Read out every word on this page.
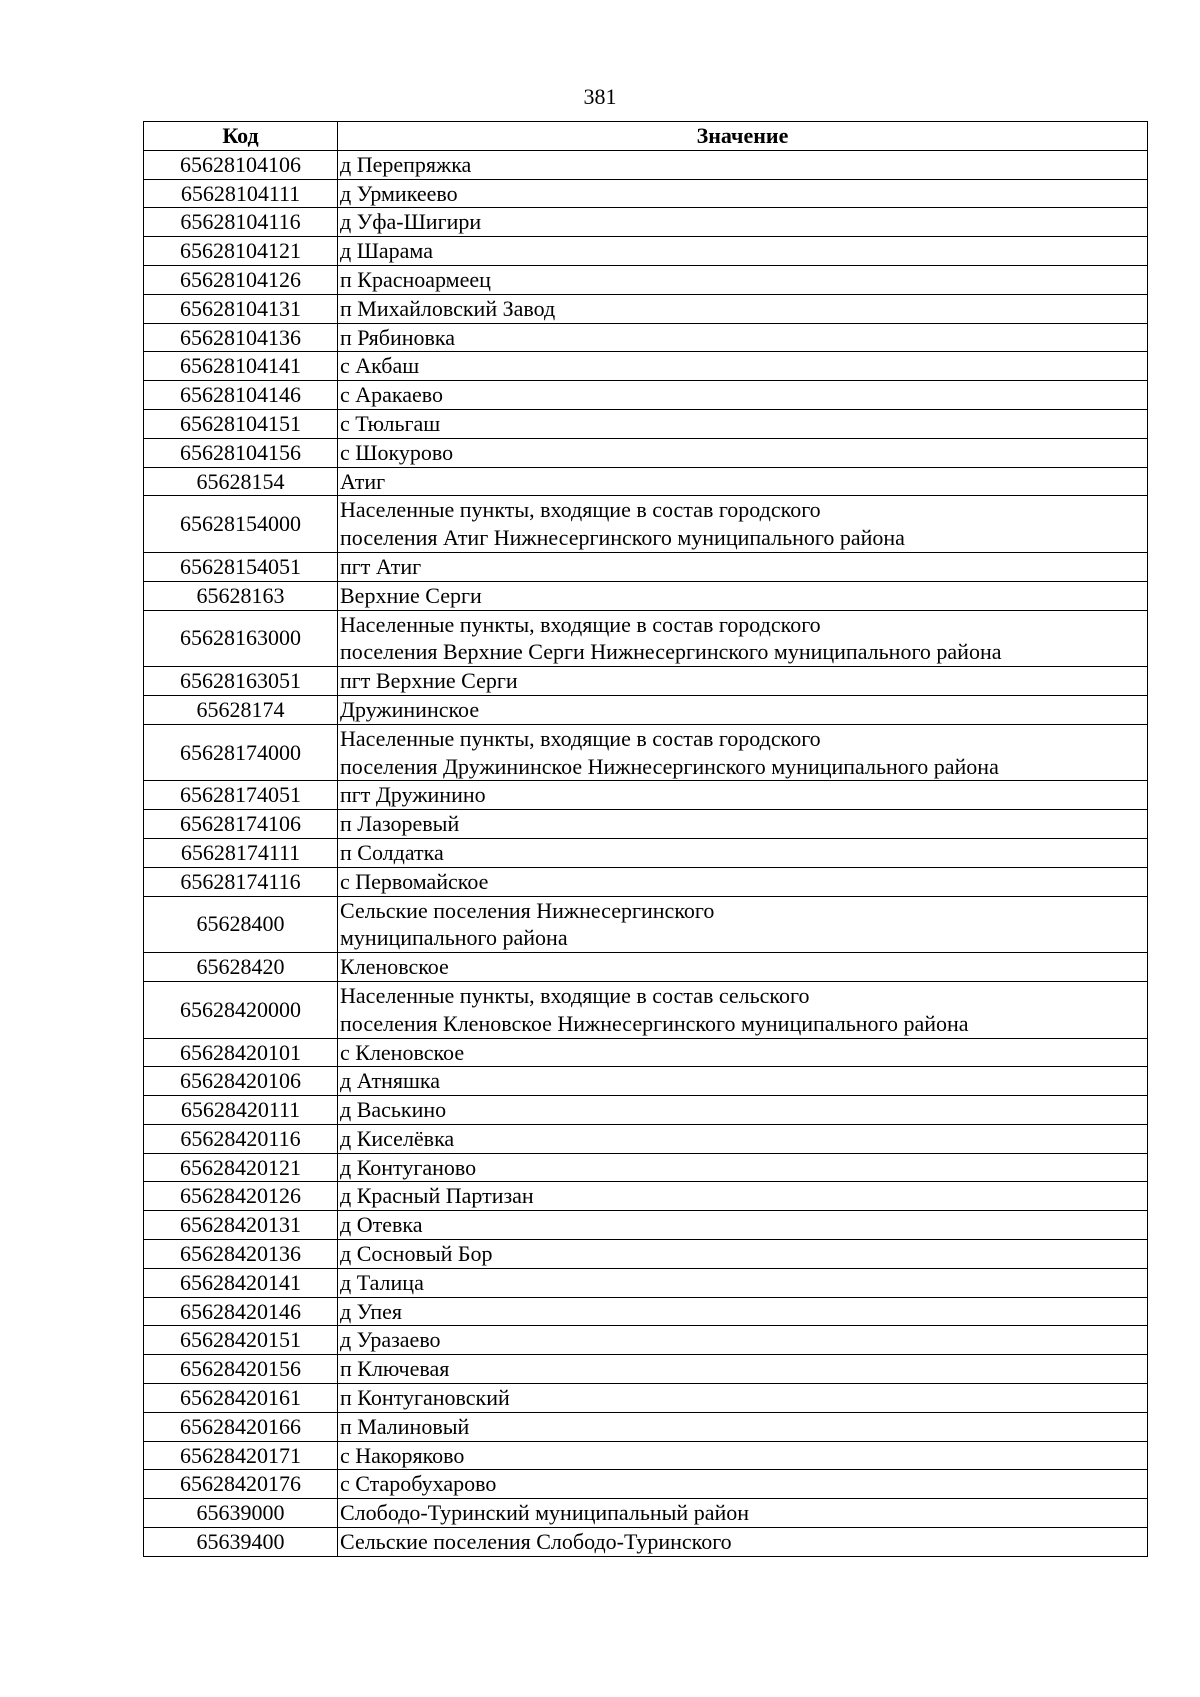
381
Код	Значение
65628104106	д Перепряжка

65628104111	д Урмикеево

65628104116	д Уфа-Шигири

65628104121	д Шарама

65628104126	п Красноармеец

65628104131	п Михайловский Завод

65628104136	п Рябиновка

65628104141	с Акбаш

65628104146	с Аракаево

65628104151	с Тюльгаш

65628104156	с Шокурово

65628154	Атиг

65628154000	Населенные пункты, входящие в состав городского
поселения Атиг Нижнесергинского муниципального района

65628154051	пгт Атиг

65628163	Верхние Серги

65628163000	Населенные пункты, входящие в состав городского
поселения Верхние Серги Нижнесергинского муниципального района

65628163051	пгт Верхние Серги

65628174	Дружининское

65628174000	Населенные пункты, входящие в состав городского
поселения Дружининское Нижнесергинского муниципального района

65628174051	пгт Дружинино

65628174106	п Лазоревый

65628174111	п Солдатка

65628174116	с Первомайское

65628400	Сельские поселения Нижнесергинского
муниципального района

65628420	Кленовское

65628420000	Населенные пункты, входящие в состав сельского
поселения Кленовское Нижнесергинского муниципального района

65628420101	с Кленовское

65628420106	д Атняшка

65628420111	д Васькино

65628420116	д Киселёвка

65628420121	д Контуганово

65628420126	д Красный Партизан

65628420131	д Отевка

65628420136	д Сосновый Бор

65628420141	д Талица

65628420146	д Упея

65628420151	д Уразаево

65628420156	п Ключевая

65628420161	п Контугановский

65628420166	п Малиновый

65628420171	с Накоряково

65628420176	с Старобухарово

65639000	Слободо-Туринский муниципальный район

65639400	Сельские поселения Слободо-Туринского
